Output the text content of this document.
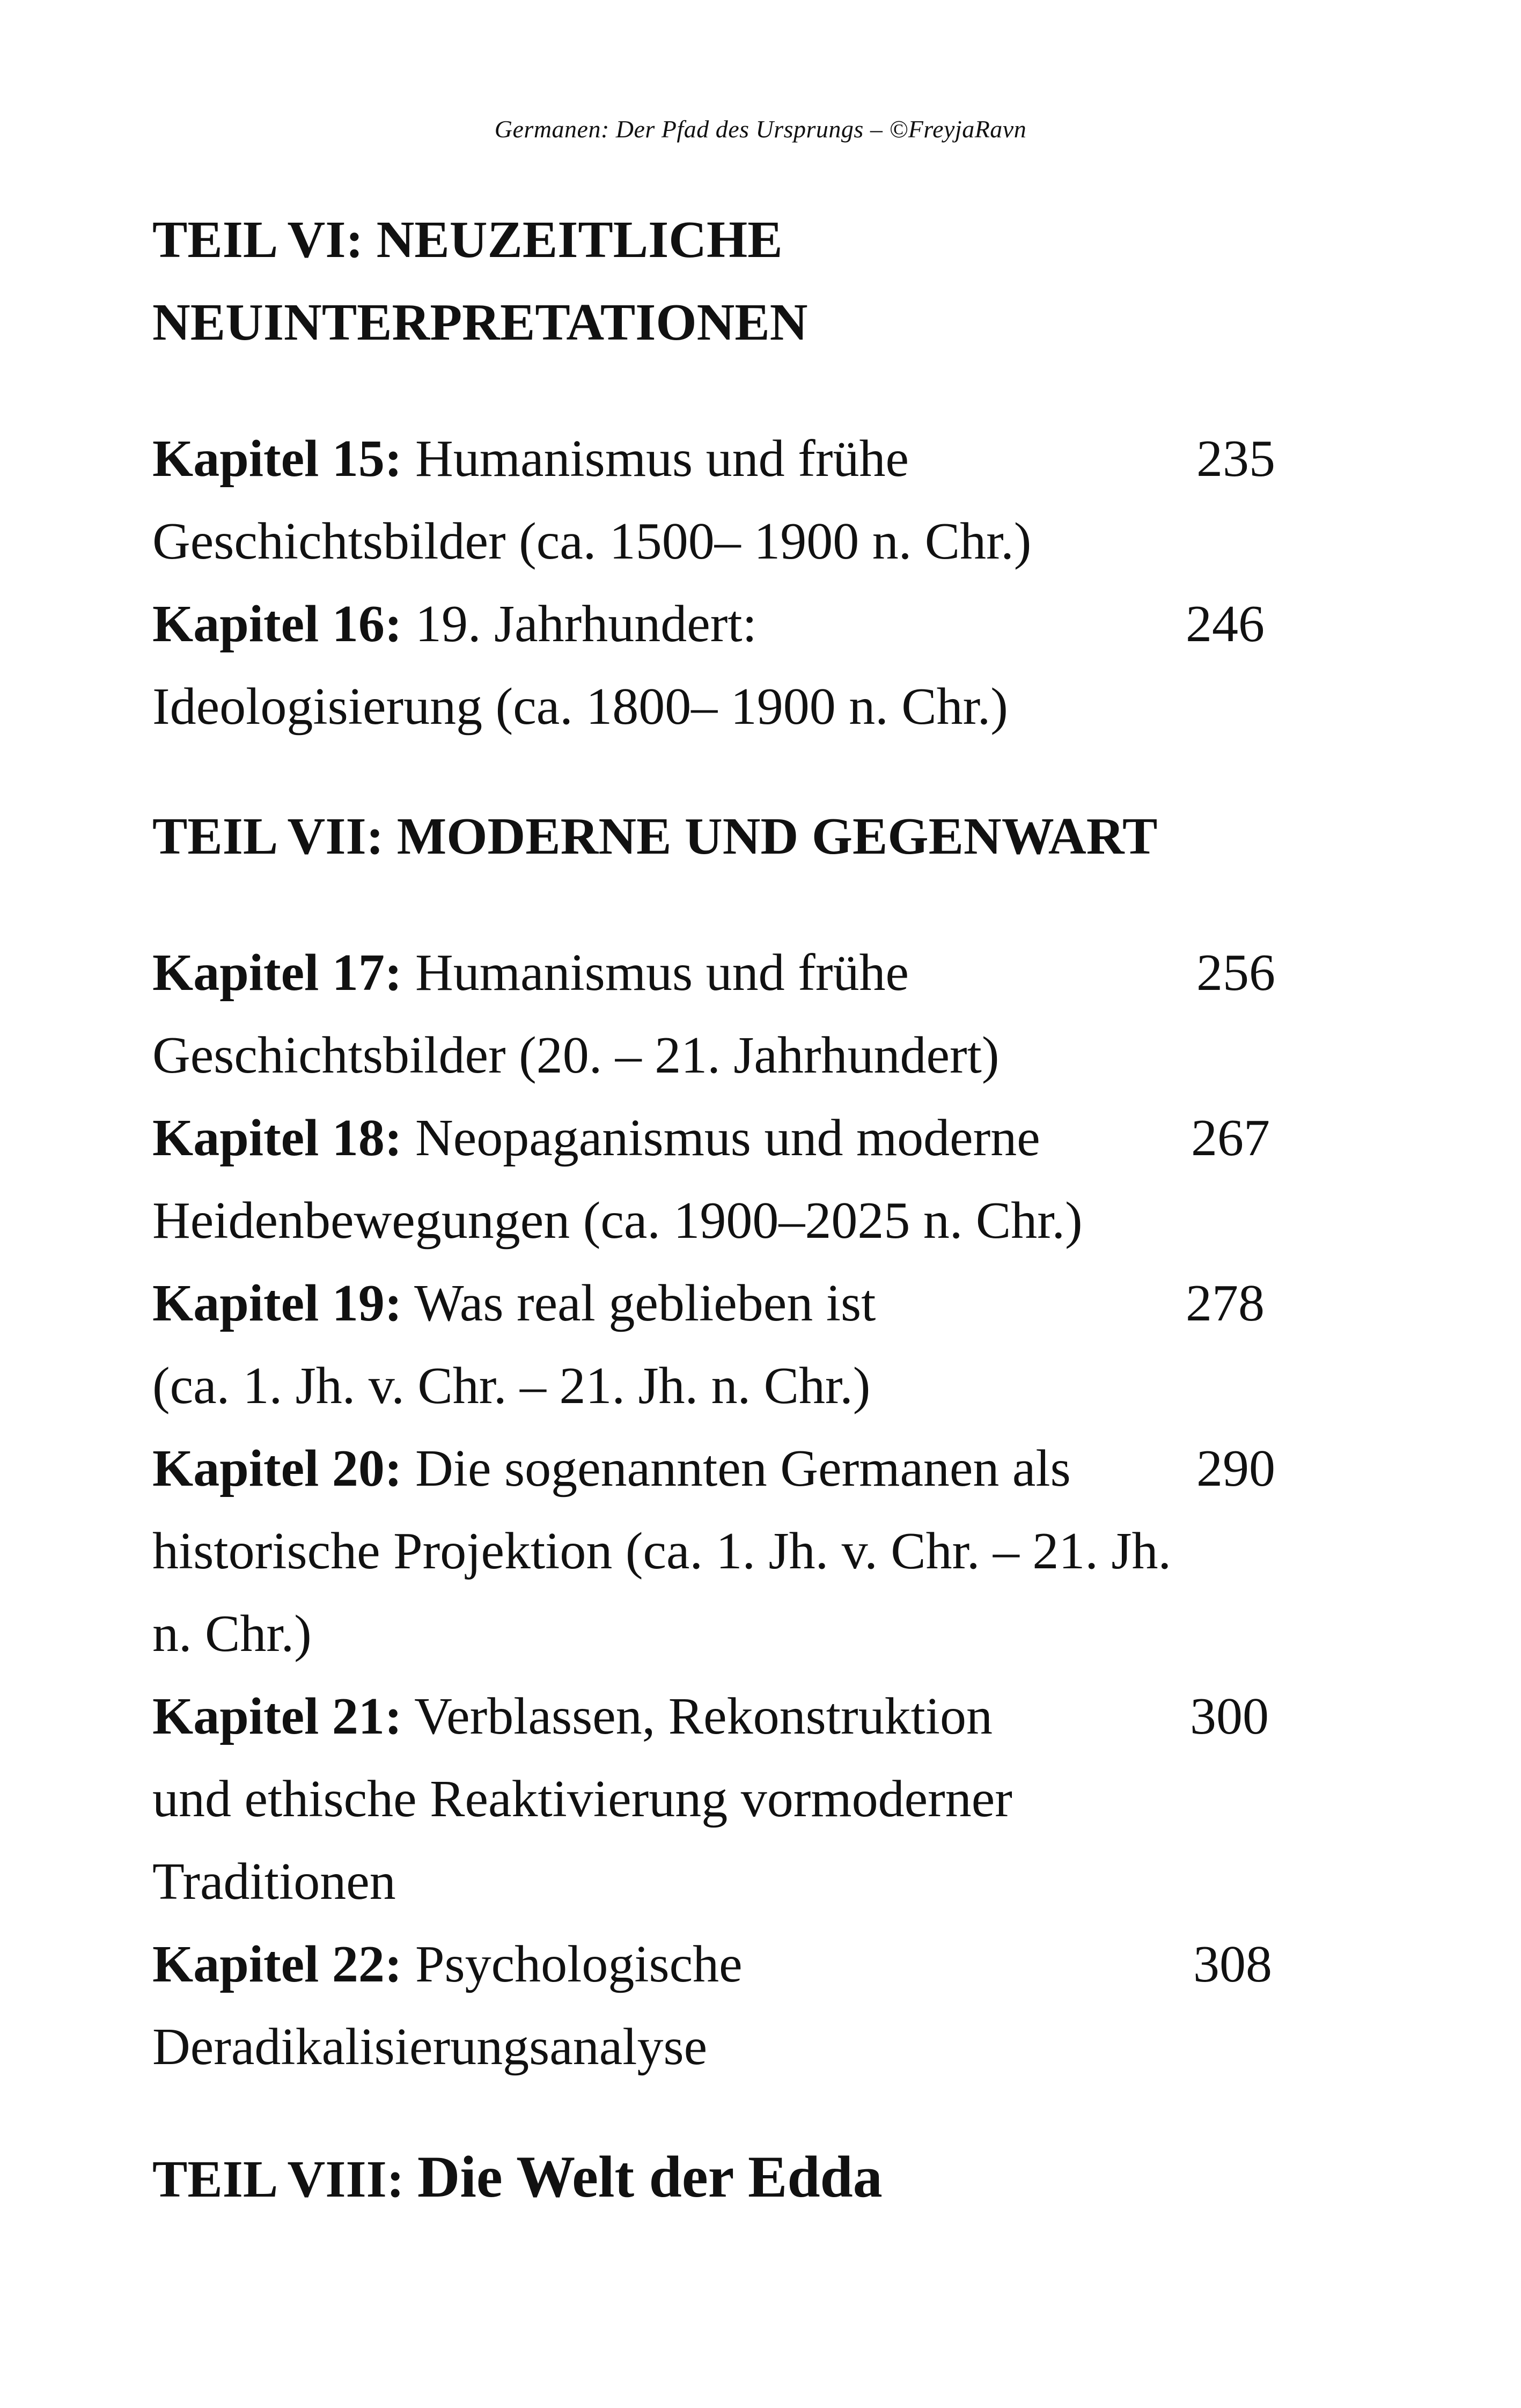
Germanen: Der Pfad des Ursprungs – ©FreyjaRavn

TEIL VI: NEUZEITLICHE

NEUINTERPRETATIONEN

Kapitel 15: Humanismus und frühe
Geschichtsbilder (ca. 1500– 1900 n. Chr.)
235
Kapitel 16: 19. Jahrhundert:
Ideologisierung (ca. 1800– 1900 n. Chr.)
246

TEIL VII: MODERNE UND GEGENWART

Kapitel 17: Humanismus und frühe
Geschichtsbilder (20. – 21. Jahrhundert)
256
Kapitel 18: Neopaganismus und moderne
Heidenbewegungen (ca. 1900–2025 n. Chr.)
267
Kapitel 19: Was real geblieben ist
(ca. 1. Jh. v. Chr. – 21. Jh. n. Chr.)
278
Kapitel 20: Die sogenannten Germanen als
historische Projektion (ca. 1. Jh. v. Chr. – 21. Jh.
n. Chr.)
290
Kapitel 21: Verblassen, Rekonstruktion
und ethische Reaktivierung vormoderner
Traditionen
300
Kapitel 22: Psychologische
Deradikalisierungsanalyse
308

TEIL VIII: Die Welt der Edda
